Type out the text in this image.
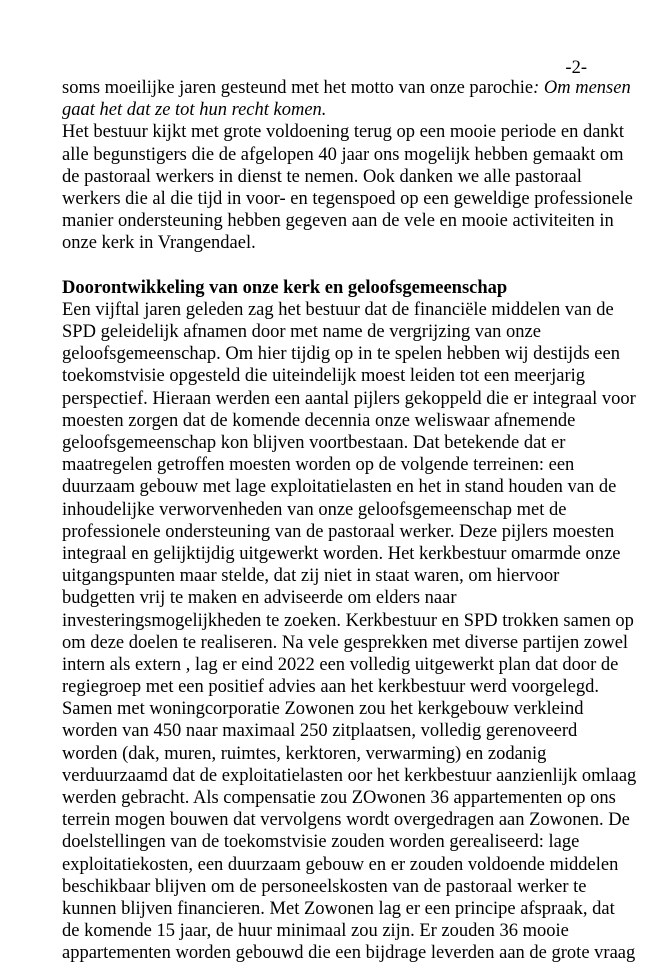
-2-
soms moeilijke jaren gesteund met het motto van onze parochie: Om mensen
gaat het dat ze tot hun recht komen.
Het bestuur kijkt met grote voldoening terug op een mooie periode en dankt
alle begunstigers die de afgelopen 40 jaar ons mogelijk hebben gemaakt om
de pastoraal werkers in dienst te nemen. Ook danken we alle pastoraal
werkers die al die tijd in voor- en tegenspoed op een geweldige professionele
manier ondersteuning hebben gegeven aan de vele en mooie activiteiten in
onze kerk in Vrangendael.
Doorontwikkeling van onze kerk en geloofsgemeenschap
Een vijftal jaren geleden zag het bestuur dat de financiële middelen van de
SPD geleidelijk afnamen door met name de vergrijzing van onze
geloofsgemeenschap. Om hier tijdig op in te spelen hebben wij destijds een
toekomstvisie opgesteld die uiteindelijk moest leiden tot een meerjarig
perspectief. Hieraan werden een aantal pijlers gekoppeld die er integraal voor
moesten zorgen dat de komende decennia onze weliswaar afnemende
geloofsgemeenschap kon blijven voortbestaan. Dat betekende dat er
maatregelen getroffen moesten worden op de volgende terreinen: een
duurzaam gebouw met lage exploitatielasten en het in stand houden van de
inhoudelijke verworvenheden van onze geloofsgemeenschap met de
professionele ondersteuning van de pastoraal werker. Deze pijlers moesten
integraal en gelijktijdig uitgewerkt worden. Het kerkbestuur omarmde onze
uitgangspunten maar stelde, dat zij niet in staat waren, om hiervoor
budgetten vrij te maken en adviseerde om elders naar
investeringsmogelijkheden te zoeken. Kerkbestuur en SPD trokken samen op
om deze doelen te realiseren. Na vele gesprekken met diverse partijen zowel
intern als extern , lag er eind 2022 een volledig uitgewerkt plan dat door de
regiegroep met een positief advies aan het kerkbestuur werd voorgelegd.
Samen met woningcorporatie Zowonen zou het kerkgebouw verkleind
worden van 450 naar maximaal 250 zitplaatsen, volledig gerenoveerd
worden (dak, muren, ruimtes, kerktoren, verwarming) en zodanig
verduurzaamd dat de exploitatielasten oor het kerkbestuur aanzienlijk omlaag
werden gebracht. Als compensatie zou ZOwonen 36 appartementen op ons
terrein mogen bouwen dat vervolgens wordt overgedragen aan Zowonen. De
doelstellingen van de toekomstvisie zouden worden gerealiseerd: lage
exploitatiekosten, een duurzaam gebouw en er zouden voldoende middelen
beschikbaar blijven om de personeelskosten van de pastoraal werker te
kunnen blijven financieren. Met Zowonen lag er een principe afspraak, dat
de komende 15 jaar, de huur minimaal zou zijn. Er zouden 36 mooie
appartementen worden gebouwd die een bijdrage leverden aan de grote vraag
